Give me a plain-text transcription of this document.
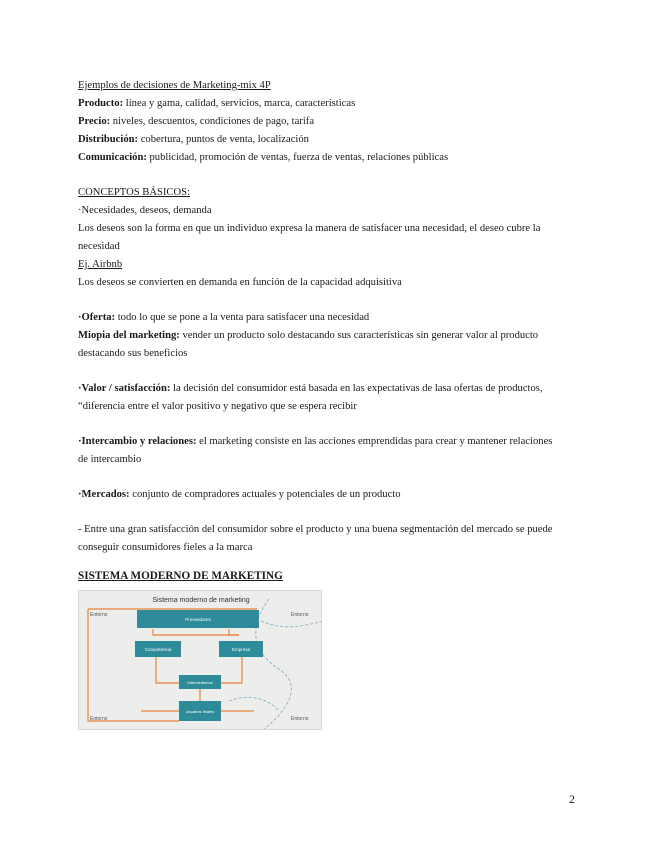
Ejemplos de decisiones de Marketing-mix 4P

Producto: línea y gama, calidad, servicios, marca, características

Precio: niveles, descuentos, condiciones de pago, tarifa

Distribución: cobertura, puntos de venta, localización

Comunicación: publicidad, promoción de ventas, fuerza de ventas, relaciones públicas

CONCEPTOS BÁSICOS:

·Necesidades, deseos, demanda

Los deseos son la forma en que un individuo expresa la manera de satisfacer una necesidad, el deseo cubre la

necesidad

Ej. Airbnb

Los deseos se convierten en demanda en función de la capacidad adquisitiva

·Oferta: todo lo que se pone a la venta para satisfacer una necesidad

Miopia del marketing: vender un producto solo destacando sus características sin generar valor al producto

destacando sus beneficios

·Valor / satisfacción: la decisión del consumidor está basada en las expectativas de lasa ofertas de productos,

“diferencia entre el valor positivo y negativo que se espera recibir

·Intercambio y relaciones: el marketing consiste en las acciones emprendidas para crear y mantener relaciones

de intercambio

·Mercados: conjunto de compradores actuales y potenciales de un producto

- Entre una gran satisfacción del consumidor sobre el producto y una buena segmentación del mercado se puede

conseguir consumidores fieles a la marca

SISTEMA MODERNO DE MARKETING

Sistema moderno de marketing
Entorno	Entorno
Entorno	Entorno
Proveedores
Competencia	Empresa
Intermediarios
Usuarios finales
2
